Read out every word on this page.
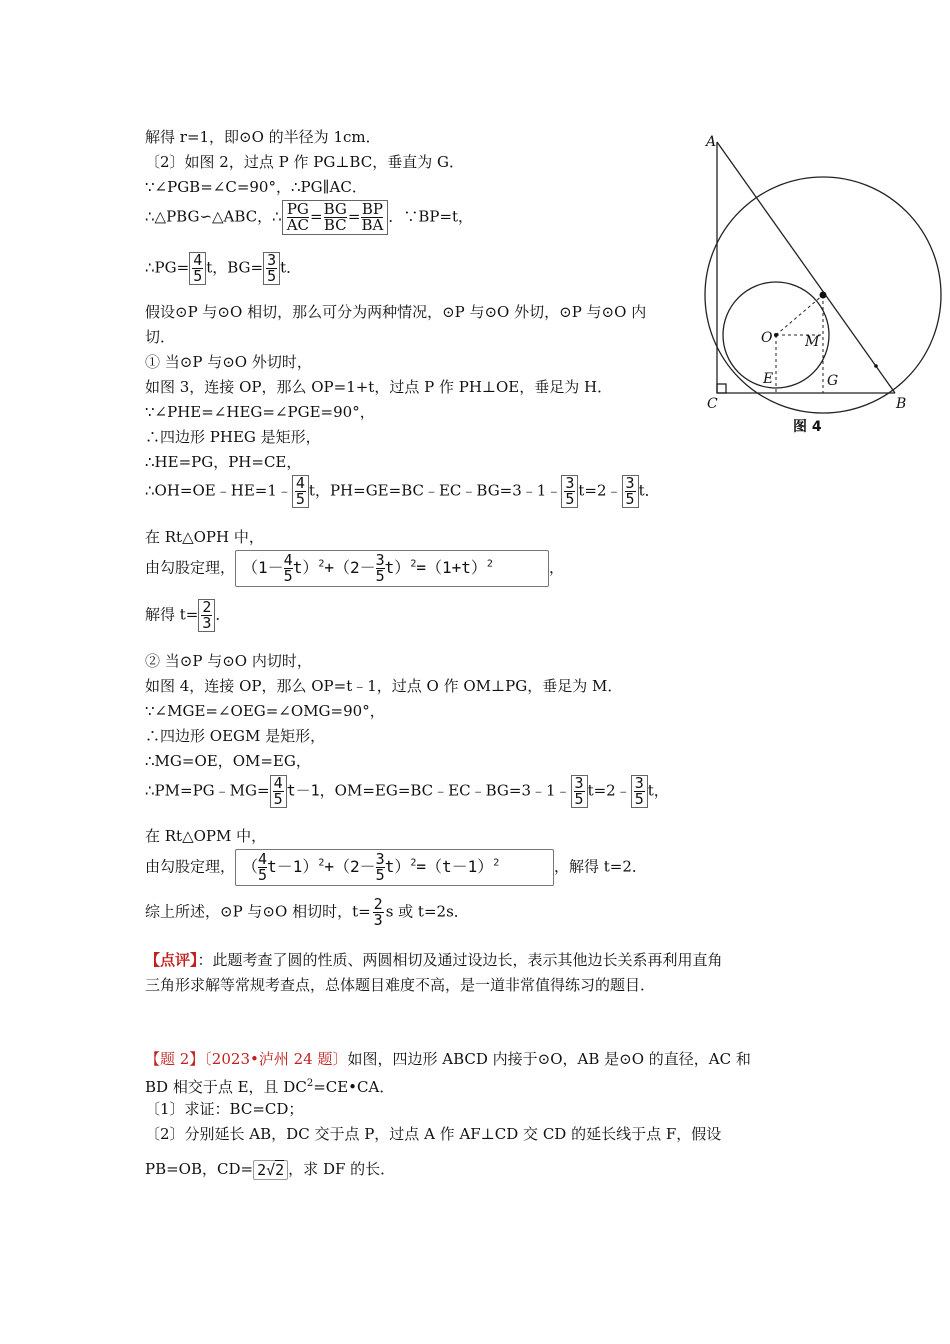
解得 r=1，即⊙O 的半径为 1cm．
〔2〕如图 2，过点 P 作 PG⊥BC，垂直为 G．
∵∠PGB=∠C=90°，∴PG∥AC．
∴△PBG∽△ABC，∴ $\frac{PG}{AC}= \frac{BG}{BC}= \frac{BP}{BA}$ ．∵BP=t，
∴PG= $\frac{4}{5}$ t，$BG= \frac{3}{5}$ t．
假设⊙P 与⊙O 相切，那么可分为两种情况，⊙P 与⊙O 外切，⊙P 与⊙O 内
切．
① 当⊙P 与⊙O 外切时，
如图 3，连接 OP，那么 OP=1+t，过点 P 作 PH⊥OE，垂足为 H．
∵∠PHE=∠HEG=∠PGE=90°，
∴四边形 PHEG 是矩形，
∴HE=PG，PH=CE，
∴OH=OE﹣HE=1﹣ $\frac{4}{5}$ t，PH=GE=BC﹣EC﹣BG=3﹣1﹣ $\frac{3}{5}$ t=2﹣ $\frac{3}{5}$ t．
在 Rt△OPH 中，
由勾股定理， $(1- \frac{4}{5}t)^2+(2- \frac{3}{5}t)^2=(1+t)^2$	，
解得 $t= \frac{2}{3}$ ．
② 当⊙P 与⊙O 内切时，
如图 4，连接 OP，那么 OP=t﹣1，过点 O 作 OM⊥PG，垂足为 M．
∵∠MGE=∠OEG=∠OMG=90°，
∴四边形 OEGM 是矩形，
∴MG=OE，OM=EG，
∴PM=PG﹣MG= $\frac{4}{5} t-1$，OM=EG=BC﹣EC﹣BG=3﹣1﹣ $\frac{3}{5}$ t=2﹣ $\frac{3}{5}$ t，
在 Rt△OPM 中，
由勾股定理， （ $\frac{4}{5}t-1)^2+(2- \frac{3}{5}t)^2=(t-1)^2$	，解得 t=2．
综上所述，⊙P 与⊙O 相切时，$t= \frac{2}{3}$ s 或 t=2s．
【点评】：此题考查了圆的性质、两圆相切及通过设边长，表示其他边长关系再利用直角
三角形求解等常规考查点，总体题目难度不高，是一道非常值得练习的题目．
【题 2】〔2023•泸州 24 题〕如图，四边形 ABCD 内接于⊙O，AB 是⊙O 的直径，AC 和
BD 相交于点 E，且 $DC^2=CE•CA$．
〔1〕求证：BC=CD；
〔2〕分别延长 AB，DC 交于点 P，过点 A 作 AF⊥CD 交 CD 的延长线于点 F，假设
PB=OB，CD= 2√2 ，求 DF 的长．
A
C	B
O M
E	G
图 4
